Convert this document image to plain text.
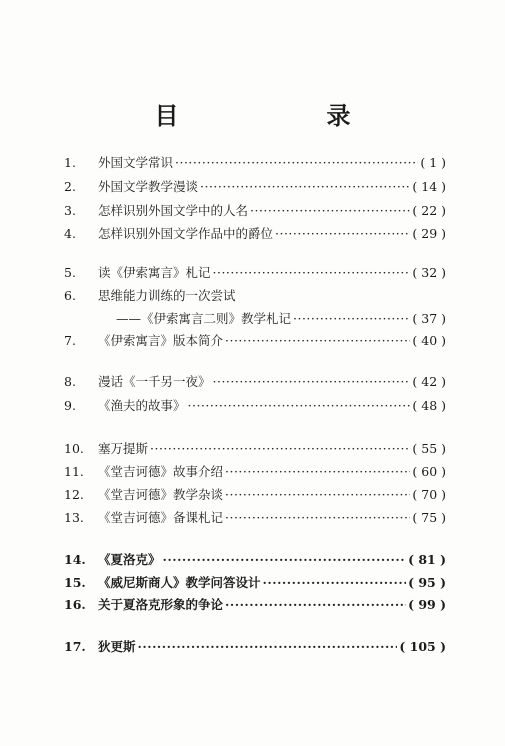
目　录
1.	外国文学常识 ·····	( 1 )
2.	外国文学教学漫谈 ·····	( 14 )
3.	怎样识别外国文学中的人名 ·····	( 22 )
4.	怎样识别外国文学作品中的爵位 ·····	( 29 )
5.	读《伊索寓言》札记 ·····	( 32 )
6.	思维能力训练的一次尝试
——《伊索寓言二则》教学札记 ·····	( 37 )
7.	《伊索寓言》版本简介 ·····	( 40 )
8.	漫话《一千另一夜》 ·····	( 42 )
9.	《渔夫的故事》 ·····	( 48 )
10.	塞万提斯 ·····	( 55 )
11.	《堂吉诃德》故事介绍 ·····	( 60 )
12.	《堂吉诃德》教学杂谈 ·····	( 70 )
13.	《堂吉诃德》备课札记 ·····	( 75 )
14. 《夏洛克》 ·····	( 81 )
15. 《威尼斯商人》教学问答设计 ·····	( 95 )
16. 关于夏洛克形象的争论 ·····	( 99 )
17. 狄更斯 ·····	( 105 )
